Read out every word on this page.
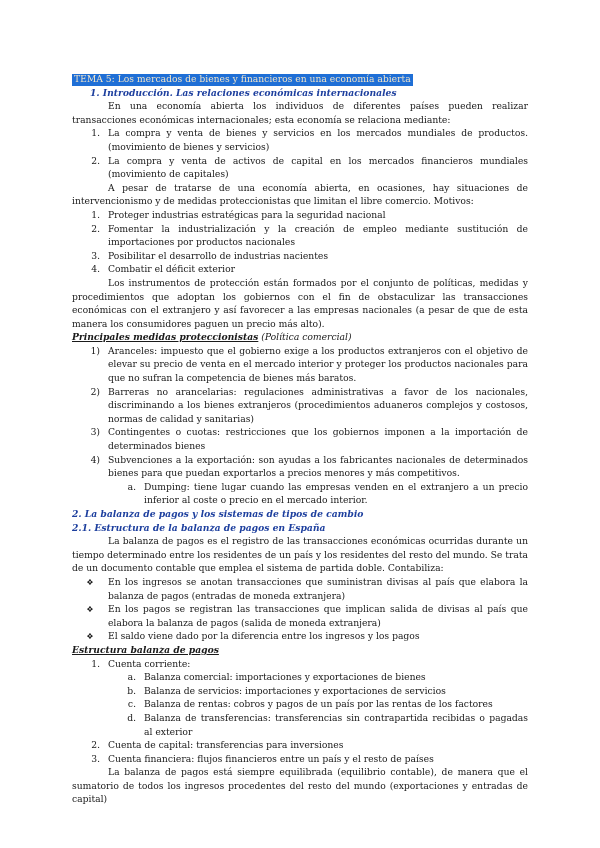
TEMA 5: Los mercados de bienes y financieros en una economía abierta
1. Introducción. Las relaciones económicas internacionales

En una economía abierta los individuos de diferentes países pueden realizar transacciones económicas internacionales; esta economía se relaciona mediante:

1. La compra y venta de bienes y servicios en los mercados mundiales de productos. (movimiento de bienes y servicios)
2. La compra y venta de activos de capital en los mercados financieros mundiales (movimiento de capitales)

A pesar de tratarse de una economía abierta, en ocasiones, hay situaciones de intervencionismo y de medidas proteccionistas que limitan el libre comercio. Motivos:

1. Proteger industrias estratégicas para la seguridad nacional
2. Fomentar la industrialización y la creación de empleo mediante sustitución de importaciones por productos nacionales
3. Posibilitar el desarrollo de industrias nacientes
4. Combatir el déficit exterior

Los instrumentos de protección están formados por el conjunto de políticas, medidas y procedimientos que adoptan los gobiernos con el fin de obstaculizar las transacciones económicas con el extranjero y así favorecer a las empresas nacionales (a pesar de que de esta manera los consumidores paguen un precio más alto).

Principales medidas proteccionistas (Política comercial)
1) Aranceles: impuesto que el gobierno exige a los productos extranjeros con el objetivo de elevar su precio de venta en el mercado interior y proteger los productos nacionales para que no sufran la competencia de bienes más baratos.
2) Barreras no arancelarias: regulaciones administrativas a favor de los nacionales, discriminando a los bienes extranjeros (procedimientos aduaneros complejos y costosos, normas de calidad y sanitarias)
3) Contingentes o cuotas: restricciones que los gobiernos imponen a la importación de determinados bienes
4) Subvenciones a la exportación: son ayudas a los fabricantes nacionales de determinados bienes para que puedan exportarlos a precios menores y más competitivos.
a. Dumping: tiene lugar cuando las empresas venden en el extranjero a un precio inferior al coste o precio en el mercado interior.
2. La balanza de pagos y los sistemas de tipos de cambio
2.1. Estructura de la balanza de pagos en España

La balanza de pagos es el registro de las transacciones económicas ocurridas durante un tiempo determinado entre los residentes de un país y los residentes del resto del mundo. Se trata de un documento contable que emplea el sistema de partida doble. Contabiliza:

❖	En los ingresos se anotan transacciones que suministran divisas al país que elabora la balanza de pagos (entradas de moneda extranjera)
❖	En los pagos se registran las transacciones que implican salida de divisas al país que elabora la balanza de pagos (salida de moneda extranjera)
❖	El saldo viene dado por la diferencia entre los ingresos y los pagos
Estructura balanza de pagos
1. Cuenta corriente:
a. Balanza comercial: importaciones y exportaciones de bienes
b. Balanza de servicios: importaciones y exportaciones de servicios
c. Balanza de rentas: cobros y pagos de un país por las rentas de los factores
d. Balanza de transferencias: transferencias sin contrapartida recibidas o pagadas al exterior
2. Cuenta de capital: transferencias para inversiones
3. Cuenta financiera: flujos financieros entre un país y el resto de países

La balanza de pagos está siempre equilibrada (equilibrio contable), de manera que el sumatorio de todos los ingresos procedentes del resto del mundo (exportaciones y entradas de capital)
